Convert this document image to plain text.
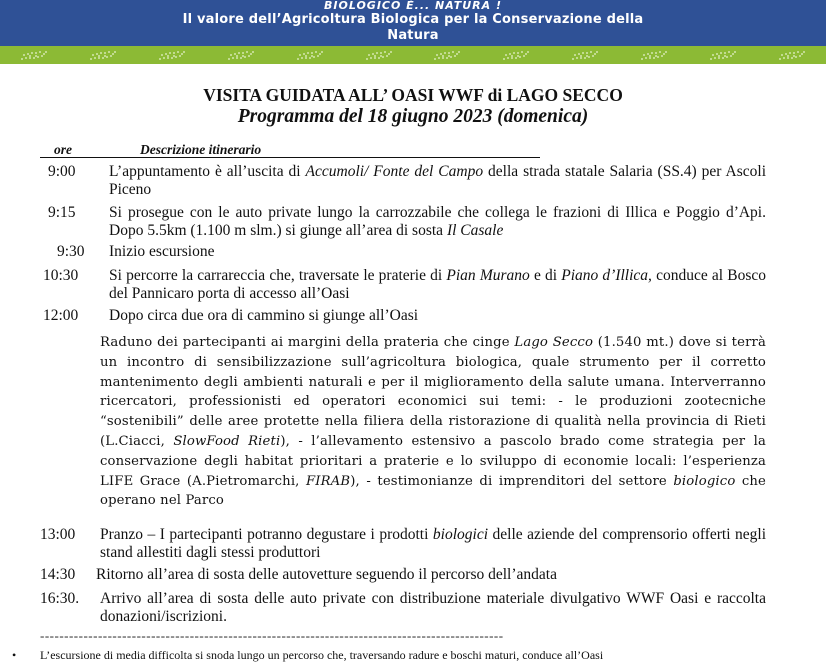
BIOLOGICO È... NATURA !
Il valore dell’Agricoltura Biologica per la Conservazione della
Natura
VISITA GUIDATA ALL’ OASI WWF di LAGO SECCO
Programma del 18 giugno 2023 (domenica)
ore	Descrizione itinerario
9:00 L’appuntamento è all’uscita di Accumoli/ Fonte del Campo della strada statale Salaria (SS.4) per Ascoli Piceno
9:15 Si prosegue con le auto private lungo la carrozzabile che collega le frazioni di Illica e Poggio d’Api. Dopo 5.5km (1.100 m slm.) si giunge all’area di sosta Il Casale
9:30 Inizio escursione
10:30 Si percorre la carrareccia che, traversate le praterie di Pian Murano e di Piano d’Illica, conduce al Bosco del Pannicaro porta di accesso all’Oasi
12:00 Dopo circa due ora di cammino si giunge all’Oasi
13:00 Pranzo – I partecipanti potranno degustare i prodotti biologici delle aziende del comprensorio offerti negli stand allestiti dagli stessi produttori
14:30 Ritorno all’area di sosta delle autovetture seguendo il percorso dell’andata
16:30. Arrivo all’area di sosta delle auto private con distribuzione materiale divulgativo WWF Oasi e raccolta donazioni/iscrizioni.
Raduno dei partecipanti ai margini della prateria che cinge Lago Secco (1.540 mt.) dove si terrà un incontro di sensibilizzazione sull’agricoltura biologica, quale strumento per il corretto mantenimento degli ambienti naturali e per il miglioramento della salute umana. Interverranno ricercatori, professionisti ed operatori economici sui temi: - le produzioni zootecniche “sostenibili” delle aree protette nella filiera della ristorazione di qualità nella provincia di Rieti (L.Ciacci, SlowFood Rieti), - l’allevamento estensivo a pascolo brado come strategia per la conservazione degli habitat prioritari a praterie e lo sviluppo di economie locali: l’esperienza LIFE Grace (A.Pietromarchi, FIRAB), - testimonianze di imprenditori del settore biologico che operano nel Parco
------------------------------------------------------------------------------------------------
• L’escursione di media difficolta si snoda lungo un percorso che, traversando radure e boschi maturi, conduce all’Oasi
